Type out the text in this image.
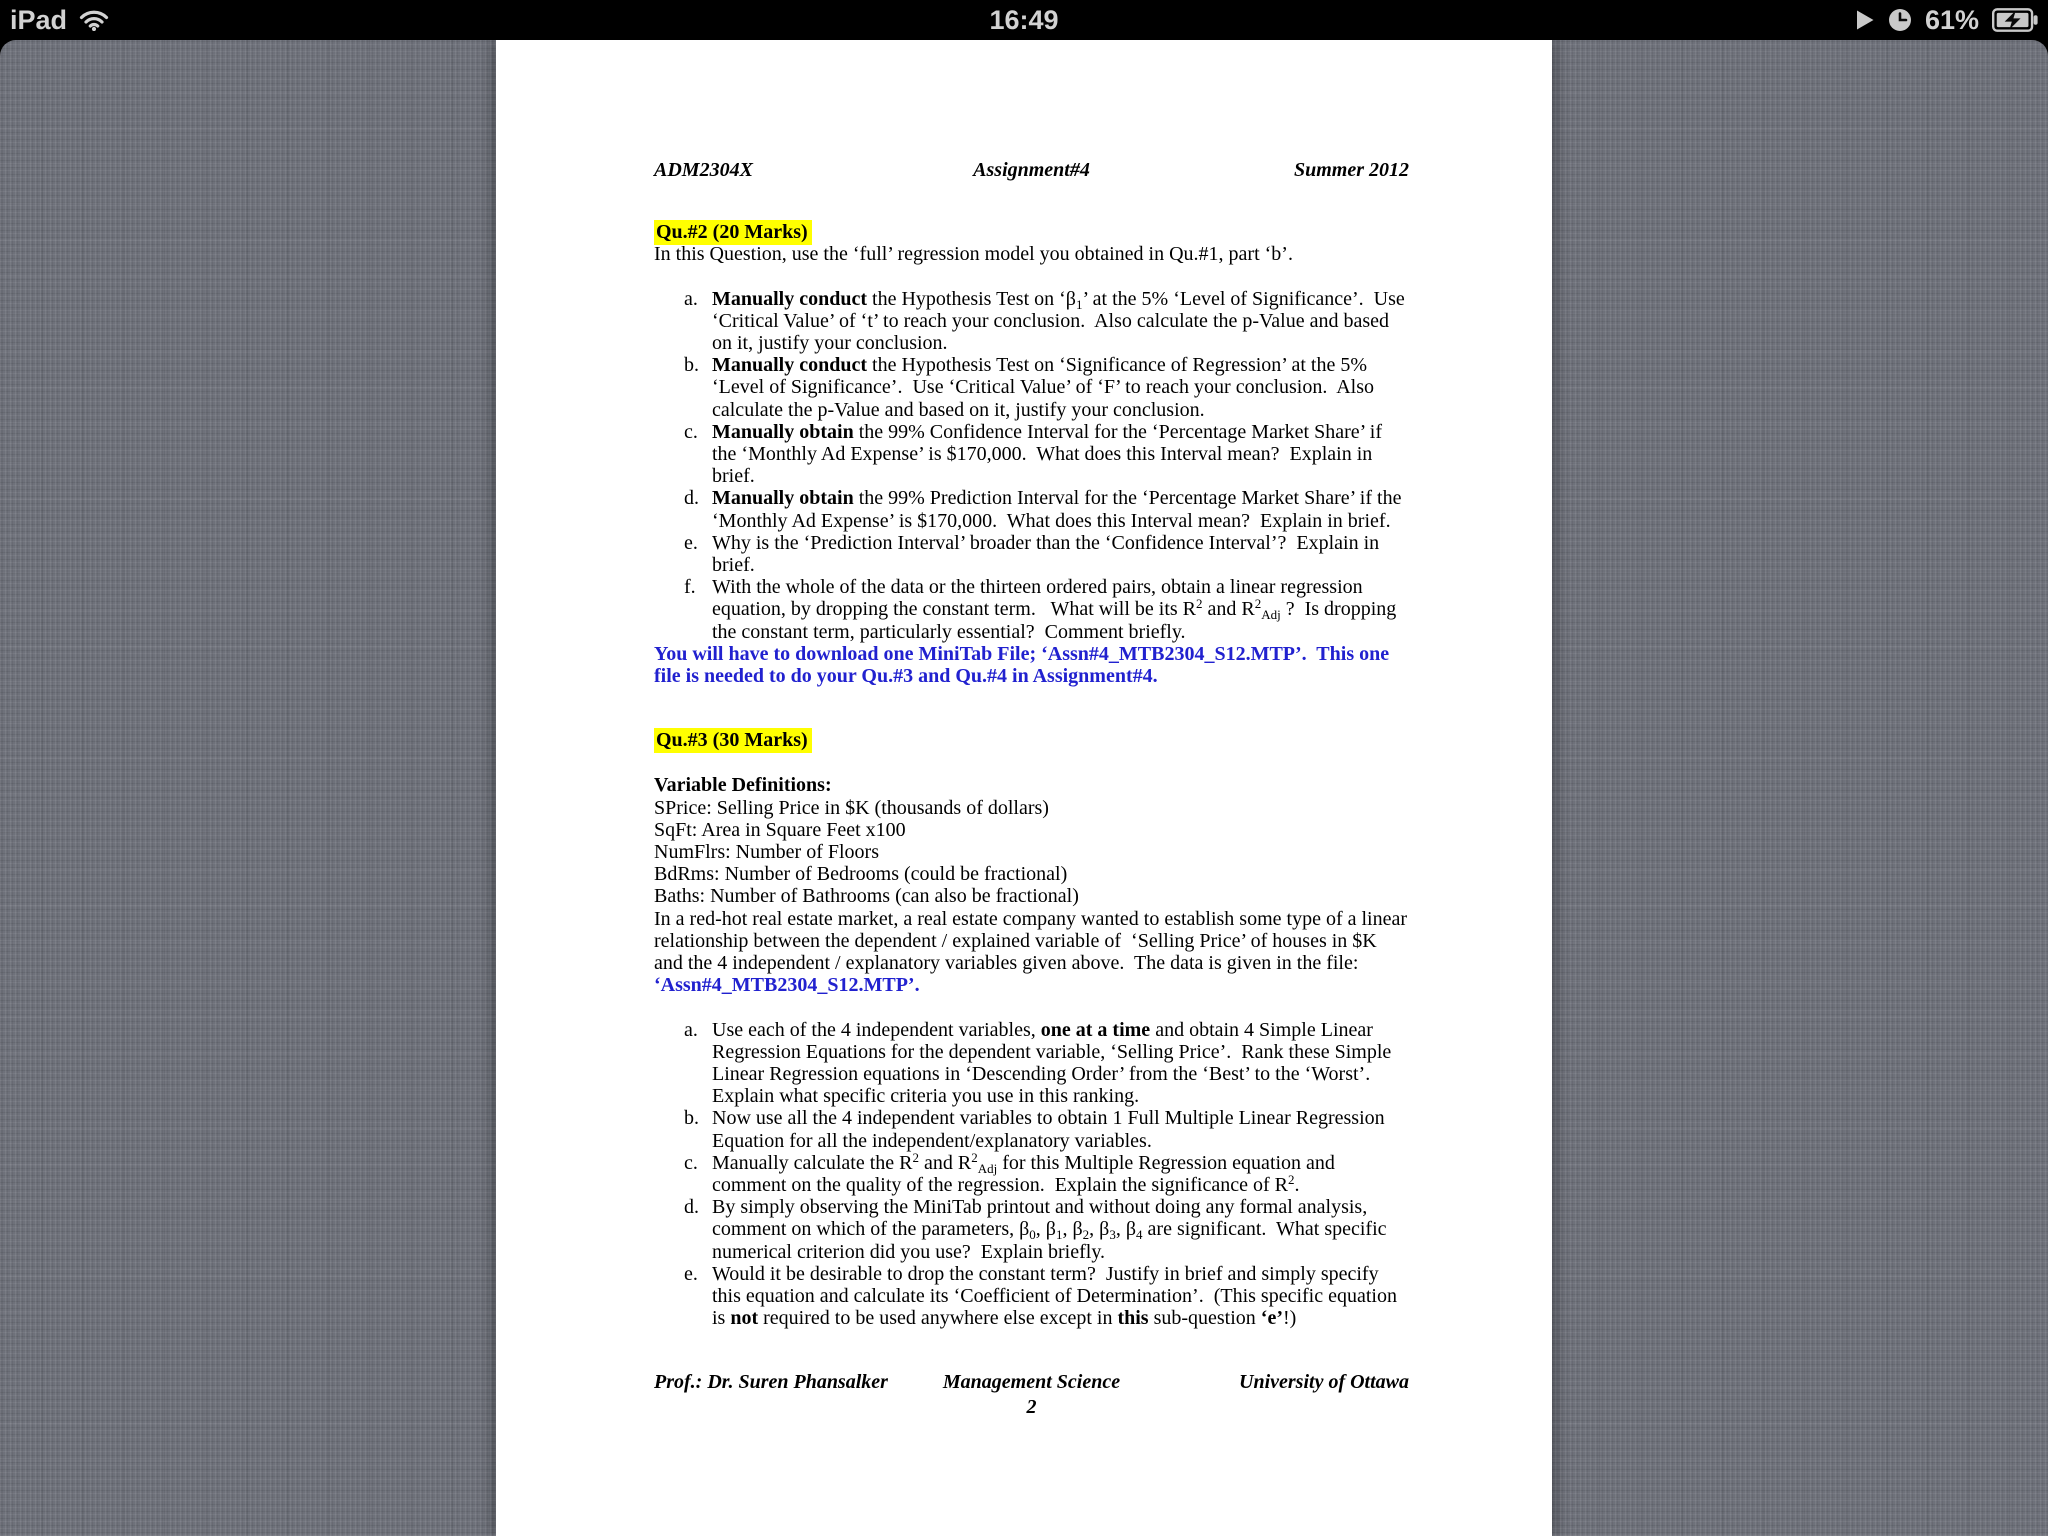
iPad	16:49	61%
ADM2304X	Assignment#4	Summer 2012
Qu.#2 (20 Marks)

In this Question, use the ‘full’ regression model you obtained in Qu.#1, part ‘b’.

a. Manually conduct the Hypothesis Test on ‘$\beta_1$’ at the 5% ‘Level of Significance’.  Use ‘Critical Value’ of ‘t’ to reach your conclusion.  Also calculate the p-Value and based on it, justify your conclusion.
b. Manually conduct the Hypothesis Test on ‘Significance of Regression’ at the 5% ‘Level of Significance’.  Use ‘Critical Value’ of ‘F’ to reach your conclusion.  Also calculate the p-Value and based on it, justify your conclusion.
c. Manually obtain the 99% Confidence Interval for the ‘Percentage Market Share’ if the ‘Monthly Ad Expense’ is $170,000.  What does this Interval mean?  Explain in brief.
d. Manually obtain the 99% Prediction Interval for the ‘Percentage Market Share’ if the ‘Monthly Ad Expense’ is $170,000.  What does this Interval mean?  Explain in brief.
e. Why is the ‘Prediction Interval’ broader than the ‘Confidence Interval’?  Explain in brief.
f. With the whole of the data or the thirteen ordered pairs, obtain a linear regression equation, by dropping the constant term.   What will be its $R^2$ and $R^2_{Adj}$ ?  Is dropping the constant term, particularly essential?  Comment briefly.

You will have to download one MiniTab File; ‘Assn#4_MTB2304_S12.MTP’.  This one file is needed to do your Qu.#3 and Qu.#4 in Assignment#4.

Qu.#3 (30 Marks)

Variable Definitions:

SPrice: Selling Price in $K (thousands of dollars)

SqFt: Area in Square Feet x100

NumFlrs: Number of Floors

BdRms: Number of Bedrooms (could be fractional)

Baths: Number of Bathrooms (can also be fractional)

In a red-hot real estate market, a real estate company wanted to establish some type of a linear relationship between the dependent / explained variable of  ‘Selling Price’ of houses in $K and the 4 independent / explanatory variables given above.  The data is given in the file: ‘Assn#4_MTB2304_S12.MTP’.

a. Use each of the 4 independent variables, one at a time and obtain 4 Simple Linear Regression Equations for the dependent variable, ‘Selling Price’.  Rank these Simple Linear Regression equations in ‘Descending Order’ from the ‘Best’ to the ‘Worst’.  Explain what specific criteria you use in this ranking.
b. Now use all the 4 independent variables to obtain 1 Full Multiple Linear Regression Equation for all the independent/explanatory variables.
c. Manually calculate the $R^2$ and $R^2_{Adj}$ for this Multiple Regression equation and comment on the quality of the regression.  Explain the significance of $R^2$.
d. By simply observing the MiniTab printout and without doing any formal analysis, comment on which of the parameters, $\beta_0$, $\beta_1$, $\beta_2$, $\beta_3$, $\beta_4$ are significant.  What specific numerical criterion did you use?  Explain briefly.
e. Would it be desirable to drop the constant term?  Justify in brief and simply specify this equation and calculate its ‘Coefficient of Determination’.  (This specific equation is not required to be used anywhere else except in this sub-question ‘e’!)
Prof.: Dr. Suren Phansalker	Management Science	University of Ottawa
2
